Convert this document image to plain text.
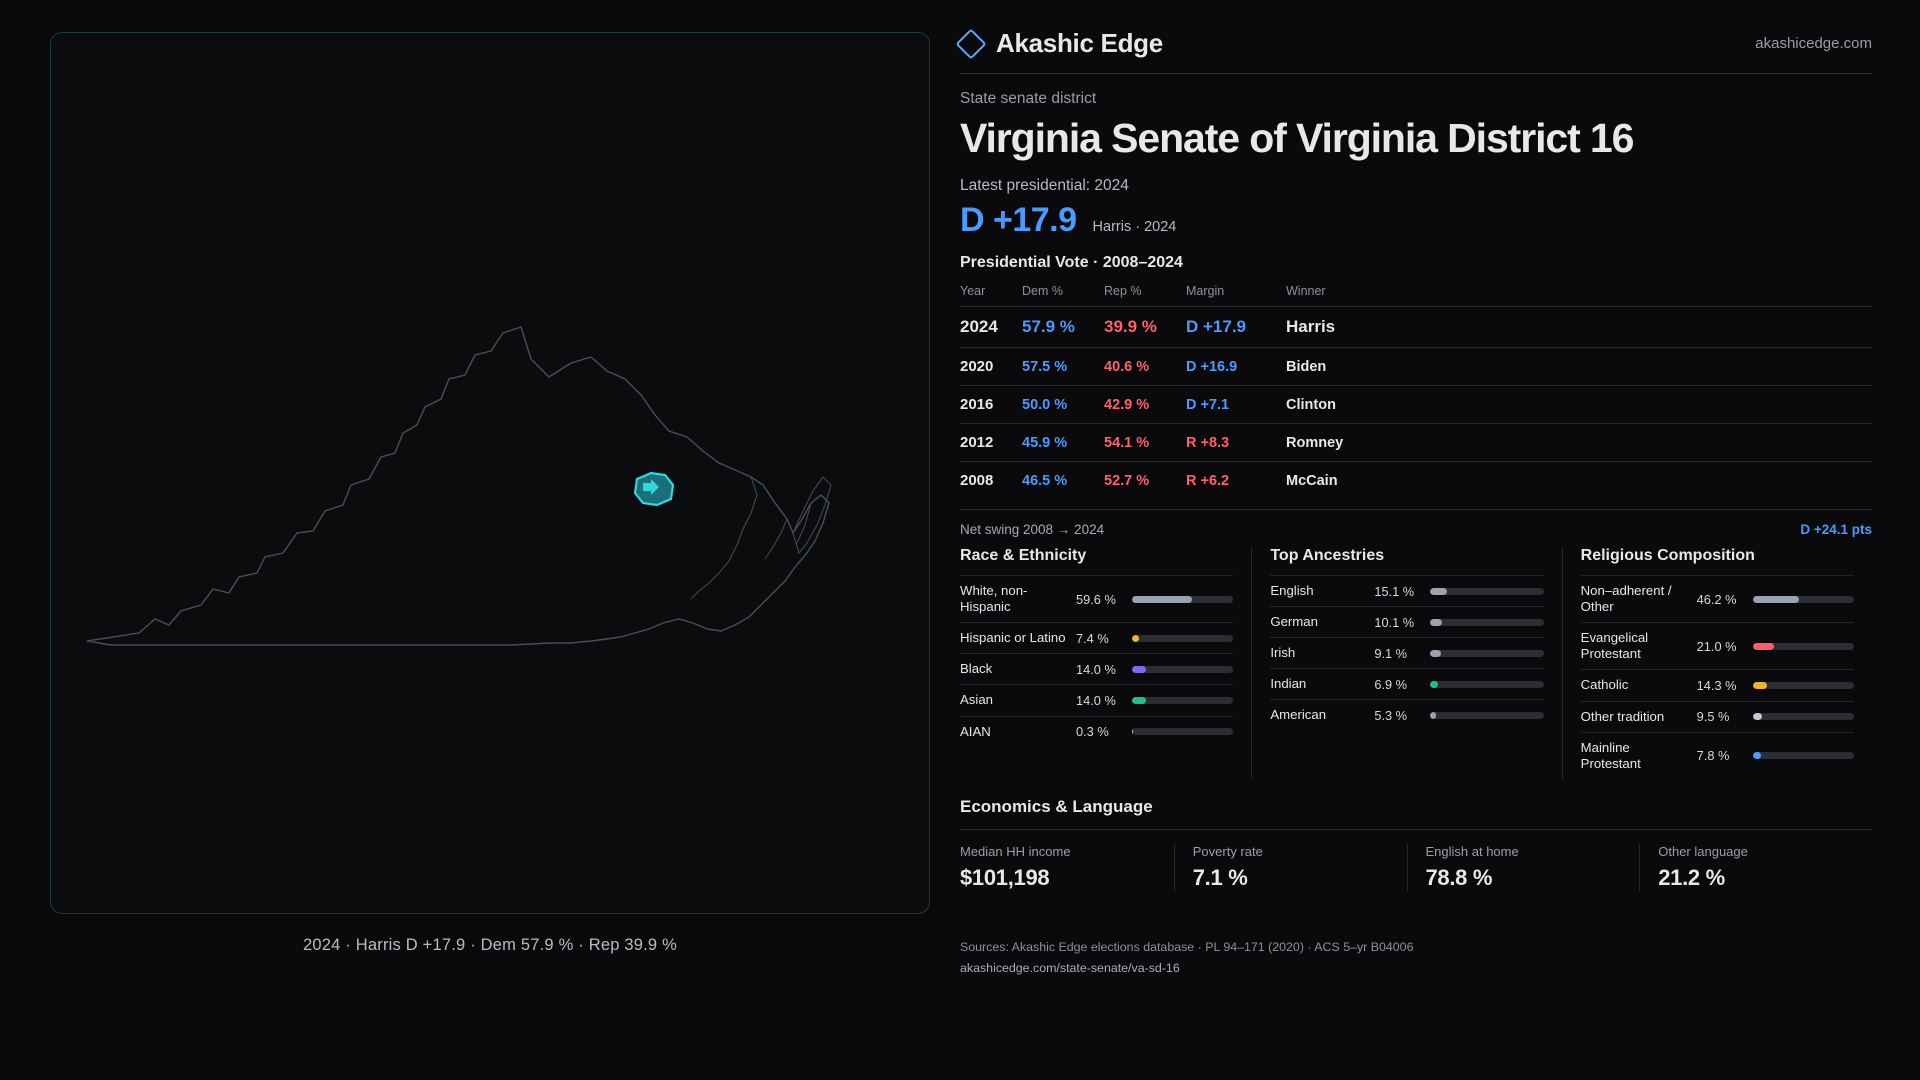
2024 · Harris D +17.9 · Dem 57.9 % · Rep 39.9 %
Akashic Edge	akashicedge.com
State senate district
Virginia Senate of Virginia District 16
Latest presidential: 2024
D +17.9 Harris · 2024
Presidential Vote · 2008–2024
Year	Dem %	Rep %	Margin	Winner
2024	57.9 %	39.9 %	D +17.9	Harris
2020	57.5 %	40.6 %	D +16.9	Biden
2016	50.0 %	42.9 %	D +7.1	Clinton
2012	45.9 %	54.1 %	R +8.3	Romney
2008	46.5 %	52.7 %	R +6.2	McCain
Net swing 2008 → 2024	D +24.1 pts
Race & Ethnicity
White, non-Hispanic	59.6 %
Hispanic or Latino 7.4 %
Black	14.0 %
Asian	14.0 %
AIAN	0.3 %
Top Ancestries
English	15.1 %
German	10.1 %
Irish	9.1 %
Indian	6.9 %
American	5.3 %
Religious Composition
Non–adherent / Other	46.2 %
Evangelical Protestant	21.0 %
Catholic	14.3 %
Other tradition	9.5 %
Mainline Protestant	7.8 %
Economics & Language
Median HH income
$101,198
Poverty rate
7.1 %
English at home
78.8 %
Other language
21.2 %
Sources: Akashic Edge elections database · PL 94–171 (2020) · ACS 5–yr B04006
akashicedge.com/state-senate/va-sd-16
